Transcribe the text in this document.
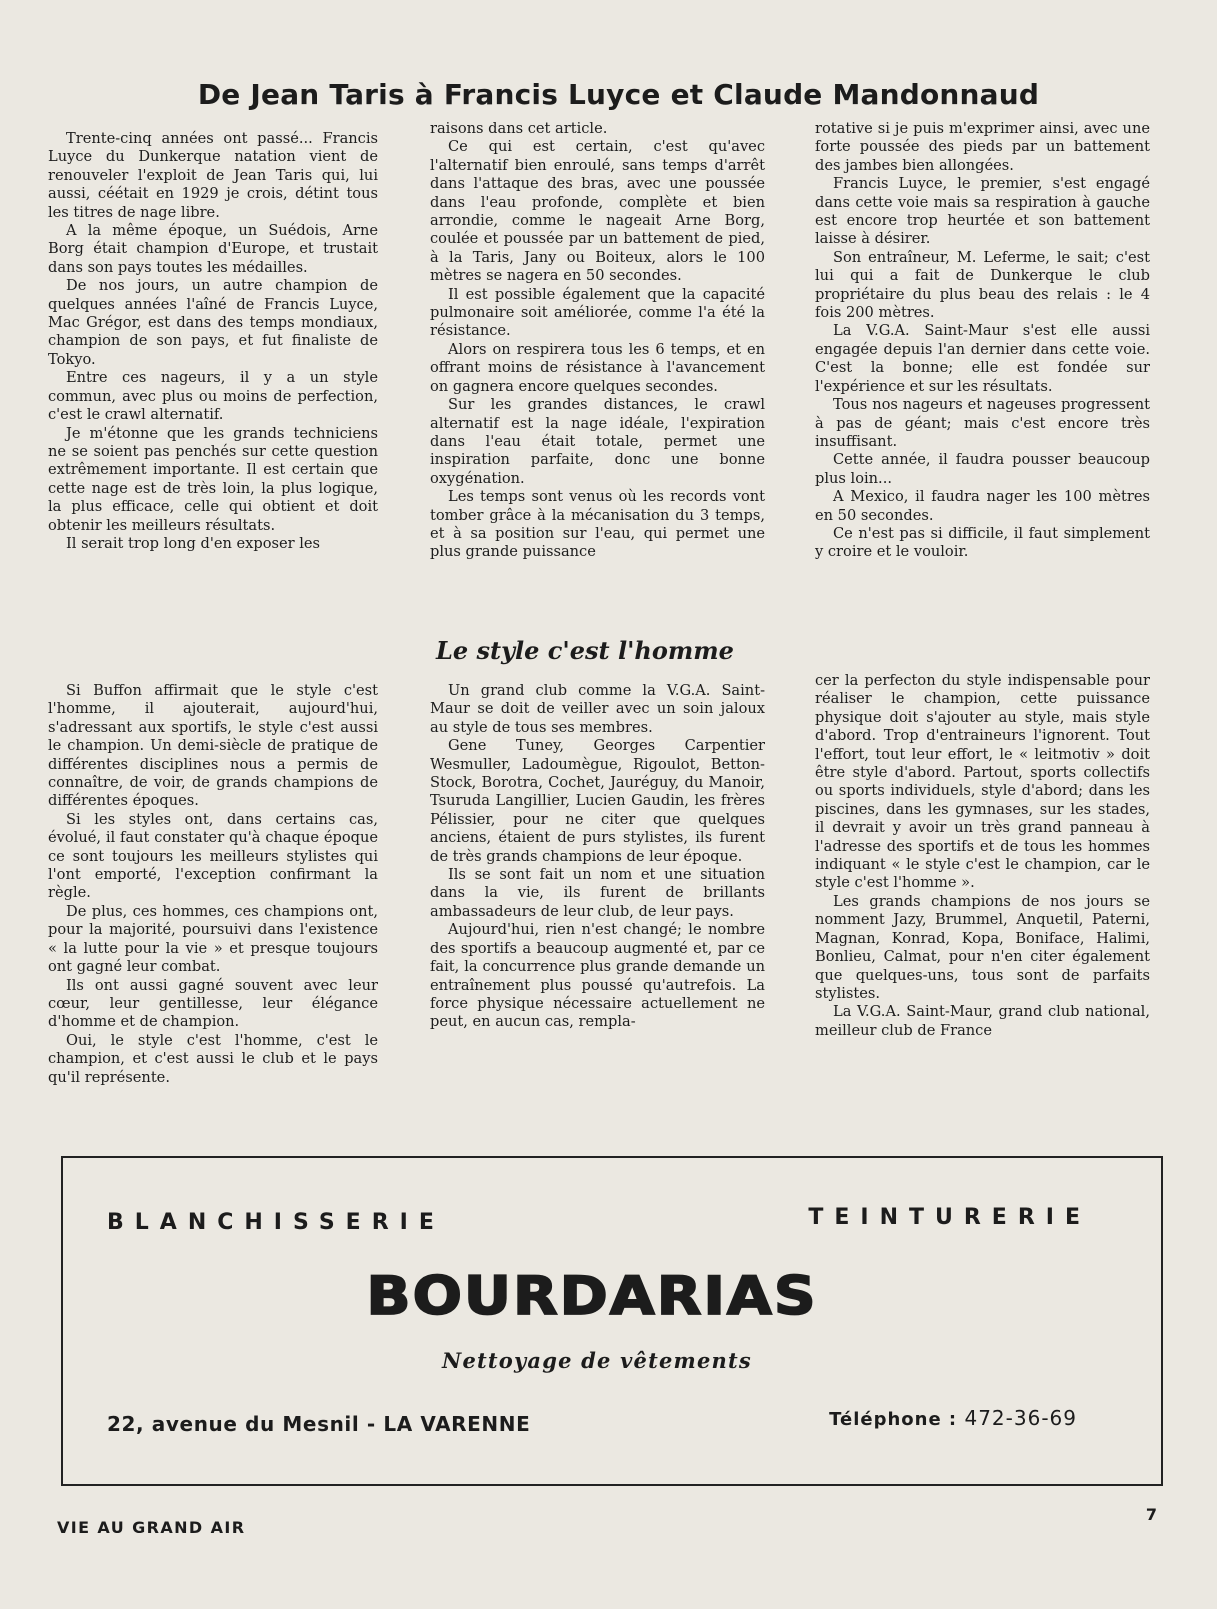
De Jean Taris à Francis Luyce et Claude Mandonnaud

Trente-cinq années ont passé... Francis Luyce du Dunkerque natation vient de renouveler l'exploit de Jean Taris qui, lui aussi, céétait en 1929 je crois, détint tous les titres de nage libre.

A la même époque, un Suédois, Arne Borg était champion d'Europe, et trustait dans son pays toutes les médailles.

De nos jours, un autre champion de quelques années l'aîné de Francis Luyce, Mac Grégor, est dans des temps mondiaux, champion de son pays, et fut finaliste de Tokyo.

Entre ces nageurs, il y a un style commun, avec plus ou moins de perfection, c'est le crawl alternatif.

Je m'étonne que les grands techniciens ne se soient pas penchés sur cette question extrêmement importante. Il est certain que cette nage est de très loin, la plus logique, la plus efficace, celle qui obtient et doit obtenir les meilleurs résultats.

Il serait trop long d'en exposer les

raisons dans cet article.

Ce qui est certain, c'est qu'avec l'alternatif bien enroulé, sans temps d'arrêt dans l'attaque des bras, avec une poussée dans l'eau profonde, complète et bien arrondie, comme le nageait Arne Borg, coulée et poussée par un battement de pied, à la Taris, Jany ou Boiteux, alors le 100 mètres se nagera en 50 secondes.

Il est possible également que la capacité pulmonaire soit améliorée, comme l'a été la résistance.

Alors on respirera tous les 6 temps, et en offrant moins de résistance à l'avancement on gagnera encore quelques secondes.

Sur les grandes distances, le crawl alternatif est la nage idéale, l'expiration dans l'eau était totale, permet une inspiration parfaite, donc une bonne oxygénation.

Les temps sont venus où les records vont tomber grâce à la mécanisation du 3 temps, et à sa position sur l'eau, qui permet une plus grande puissance

rotative si je puis m'exprimer ainsi, avec une forte poussée des pieds par un battement des jambes bien allongées.

Francis Luyce, le premier, s'est engagé dans cette voie mais sa respiration à gauche est encore trop heurtée et son battement laisse à désirer.

Son entraîneur, M. Leferme, le sait; c'est lui qui a fait de Dunkerque le club propriétaire du plus beau des relais : le 4 fois 200 mètres.

La V.G.A. Saint-Maur s'est elle aussi engagée depuis l'an dernier dans cette voie. C'est la bonne; elle est fondée sur l'expérience et sur les résultats.

Tous nos nageurs et nageuses progressent à pas de géant; mais c'est encore très insuffisant.

Cette année, il faudra pousser beaucoup plus loin...

A Mexico, il faudra nager les 100 mètres en 50 secondes.

Ce n'est pas si difficile, il faut simplement y croire et le vouloir.

Le style c'est l'homme

Si Buffon affirmait que le style c'est l'homme, il ajouterait, aujourd'hui, s'adressant aux sportifs, le style c'est aussi le champion. Un demi-siècle de pratique de différentes disciplines nous a permis de connaître, de voir, de grands champions de différentes époques.

Si les styles ont, dans certains cas, évolué, il faut constater qu'à chaque époque ce sont toujours les meilleurs stylistes qui l'ont emporté, l'exception confirmant la règle.

De plus, ces hommes, ces champions ont, pour la majorité, poursuivi dans l'existence « la lutte pour la vie » et presque toujours ont gagné leur combat.

Ils ont aussi gagné souvent avec leur cœur, leur gentillesse, leur élégance d'homme et de champion.

Oui, le style c'est l'homme, c'est le champion, et c'est aussi le club et le pays qu'il représente.

Un grand club comme la V.G.A. Saint-Maur se doit de veiller avec un soin jaloux au style de tous ses membres.

Gene Tuney, Georges Carpentier Wesmuller, Ladoumègue, Rigoulot, Betton-Stock, Borotra, Cochet, Jauréguy, du Manoir, Tsuruda Langillier, Lucien Gaudin, les frères Pélissier, pour ne citer que quelques anciens, étaient de purs stylistes, ils furent de très grands champions de leur époque.

Ils se sont fait un nom et une situation dans la vie, ils furent de brillants ambassadeurs de leur club, de leur pays.

Aujourd'hui, rien n'est changé; le nombre des sportifs a beaucoup augmenté et, par ce fait, la concurrence plus grande demande un entraînement plus poussé qu'autrefois. La force physique nécessaire actuellement ne peut, en aucun cas, rempla-

cer la perfecton du style indispensable pour réaliser le champion, cette puissance physique doit s'ajouter au style, mais style d'abord. Trop d'entraineurs l'ignorent. Tout l'effort, tout leur effort, le « leitmotiv » doit être style d'abord. Partout, sports collectifs ou sports individuels, style d'abord; dans les piscines, dans les gymnases, sur les stades, il devrait y avoir un très grand panneau à l'adresse des sportifs et de tous les hommes indiquant « le style c'est le champion, car le style c'est l'homme ».

Les grands champions de nos jours se nomment Jazy, Brummel, Anquetil, Paterni, Magnan, Konrad, Kopa, Boniface, Halimi, Bonlieu, Calmat, pour n'en citer également que quelques-uns, tous sont de parfaits stylistes.

La V.G.A. Saint-Maur, grand club national, meilleur club de France

BLANCHISSERIE	TEINTURERIE
BOURDARIAS
Nettoyage de vêtements
22, avenue du Mesnil - LA VARENNE	Téléphone : 472-36-69
VIE AU GRAND AIR
7
